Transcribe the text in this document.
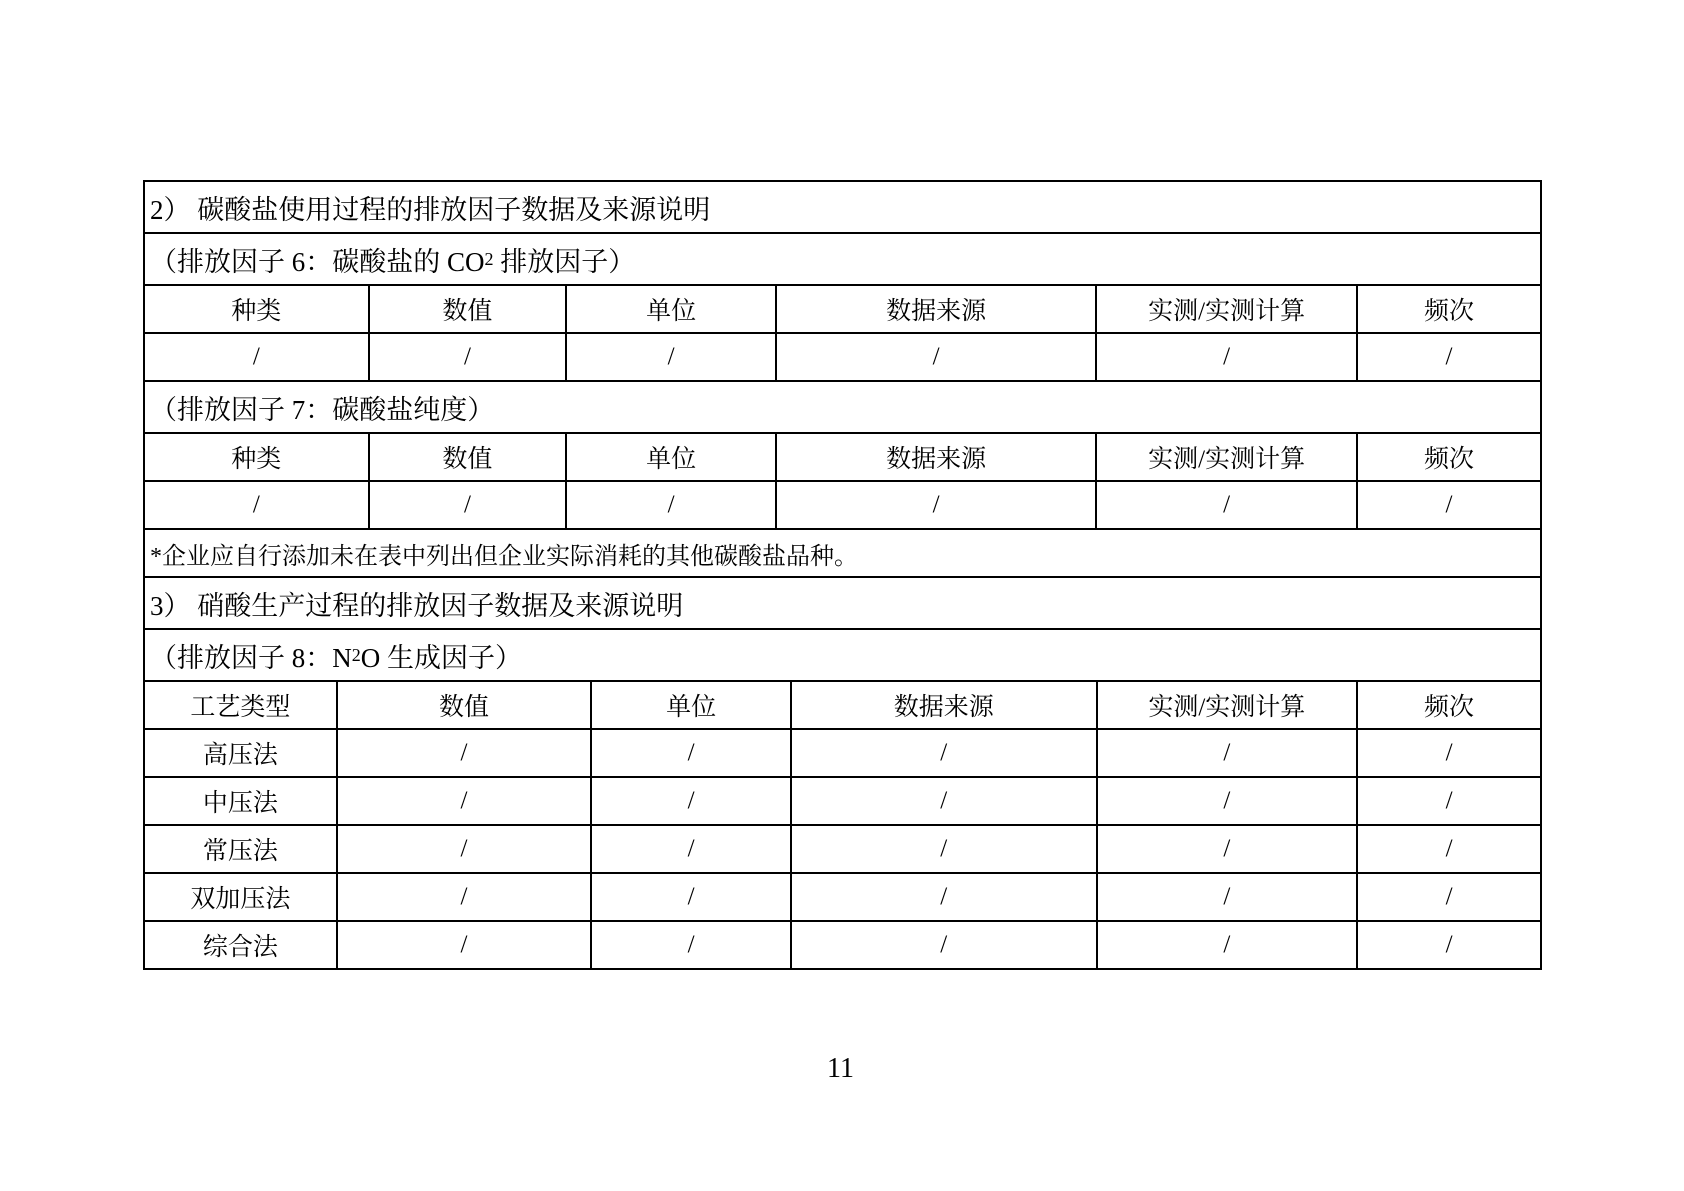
2） 碳酸盐使用过程的排放因子数据及来源说明
（排放因子 6：碳酸盐的 CO 2 排放因子）
种类	数值	单位	数据来源	实测/实测计算	频次
/	/	/	/	/	/
（排放因子 7：碳酸盐纯度）
种类	数值	单位	数据来源	实测/实测计算	频次
/	/	/	/	/	/
*企业应自行添加未在表中列出但企业实际消耗的其他碳酸盐品种。
3） 硝酸生产过程的排放因子数据及来源说明
（排放因子 8：N 2 O 生成因子）
工艺类型	数值	单位	数据来源	实测/实测计算	频次
高压法	/	/	/	/	/
中压法	/	/	/	/	/
常压法	/	/	/	/	/
双加压法	/	/	/	/	/
综合法	/	/	/	/	/
11
